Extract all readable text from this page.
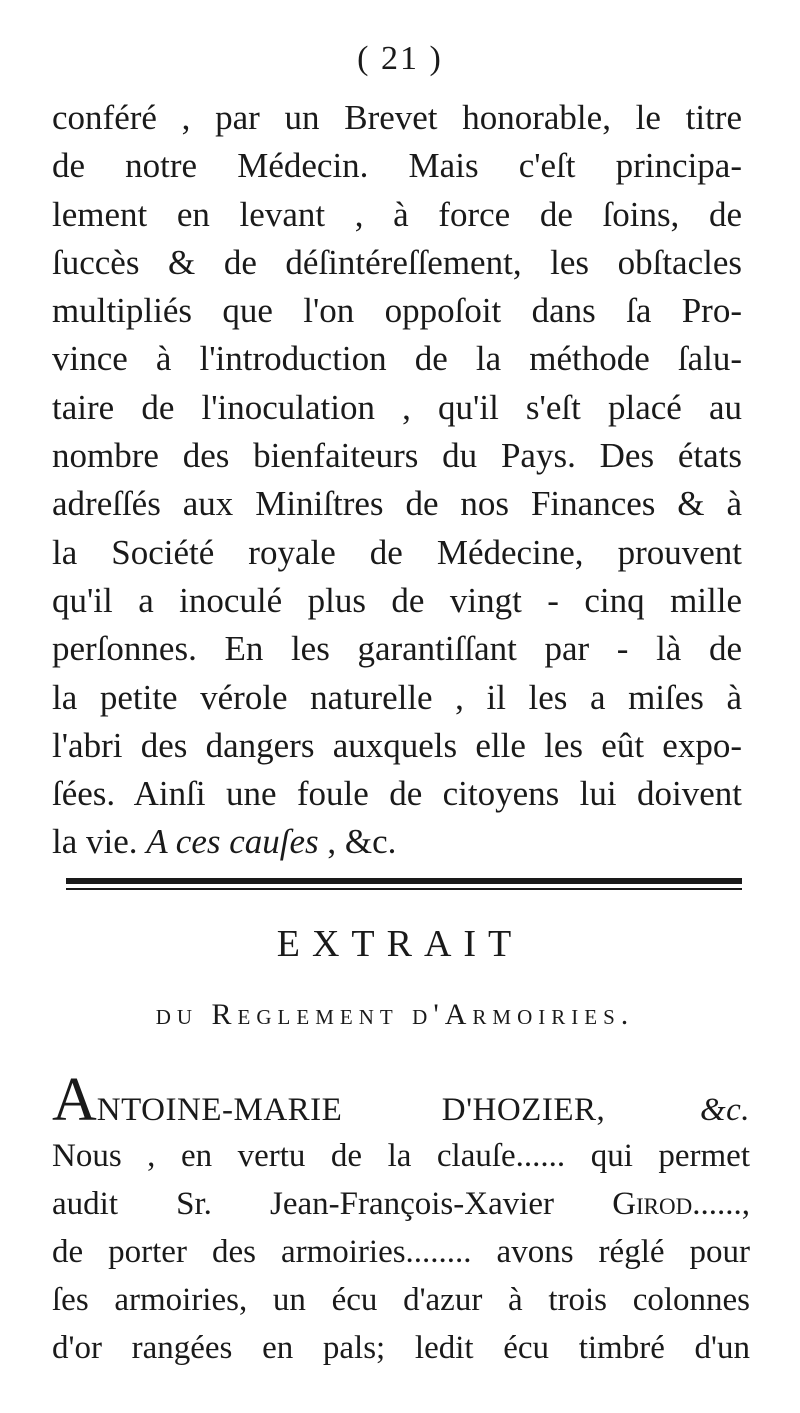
( 21 )
conféré , par un Brevet honorable, le titre
de notre Médecin. Mais c'eſt principa-
lement en levant , à force de ſoins, de
ſuccès & de déſintéreſſement, les obſtacles
multipliés que l'on oppoſoit dans ſa Pro-
vince à l'introduction de la méthode ſalu-
taire de l'inoculation , qu'il s'eſt placé au
nombre des bienfaiteurs du Pays. Des états
adreſſés aux Miniſtres de nos Finances & à
la Société royale de Médecine, prouvent
qu'il a inoculé plus de vingt - cinq mille
perſonnes. En les garantiſſant par - là de
la petite vérole naturelle , il les a miſes à
l'abri des dangers auxquels elle les eût expo-
ſées. Ainſi une foule de citoyens lui doivent
la vie. A ces cauſes , &c.
EXTRAIT
du Reglement d'Armoiries.
ANTOINE-MARIE D'HOZIER,	&c.
Nous , en vertu de la clauſe...... qui permet
audit Sr. Jean-François-Xavier Girod......,
de porter des armoiries........ avons réglé pour
ſes armoiries, un écu d'azur à trois colonnes
d'or rangées en pals; ledit écu timbré d'un
